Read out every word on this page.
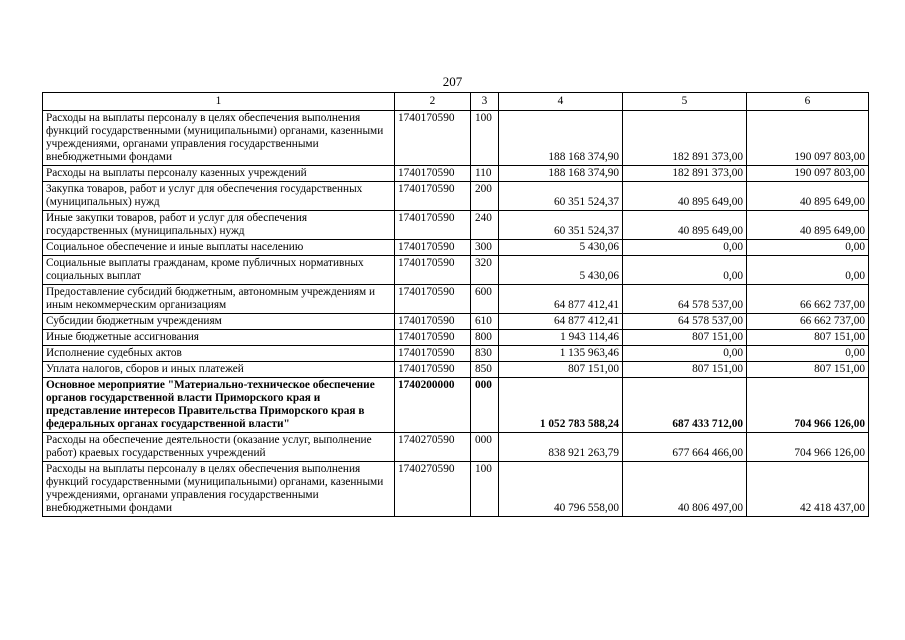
207
1	2	3	4	5	6
Расходы на выплаты персоналу в целях обеспечения выполнения функций государственными (муниципальными) органами, казенными учреждениями, органами управления государственными внебюджетными фондами	1740170590	100	188 168 374,90	182 891 373,00	190 097 803,00
Расходы на выплаты персоналу казенных учреждений	1740170590	110	188 168 374,90	182 891 373,00	190 097 803,00
Закупка товаров, работ и услуг для обеспечения государственных (муниципальных) нужд	1740170590	200	60 351 524,37	40 895 649,00	40 895 649,00
Иные закупки товаров, работ и услуг для обеспечения государственных (муниципальных) нужд	1740170590	240	60 351 524,37	40 895 649,00	40 895 649,00
Социальное обеспечение и иные выплаты населению	1740170590	300	5 430,06	0,00	0,00
Социальные выплаты гражданам, кроме публичных нормативных социальных выплат	1740170590	320	5 430,06	0,00	0,00
Предоставление субсидий бюджетным, автономным учреждениям и иным некоммерческим организациям	1740170590	600	64 877 412,41	64 578 537,00	66 662 737,00
Субсидии бюджетным учреждениям	1740170590	610	64 877 412,41	64 578 537,00	66 662 737,00
Иные бюджетные ассигнования	1740170590	800	1 943 114,46	807 151,00	807 151,00
Исполнение судебных актов	1740170590	830	1 135 963,46	0,00	0,00
Уплата налогов, сборов и иных платежей	1740170590	850	807 151,00	807 151,00	807 151,00
Основное мероприятие "Материально-техническое обеспечение органов государственной власти Приморского края и представление интересов Правительства Приморского края в федеральных органах государственной власти"	1740200000	000	1 052 783 588,24	687 433 712,00	704 966 126,00
Расходы на обеспечение деятельности (оказание услуг, выполнение работ) краевых государственных учреждений	1740270590	000	838 921 263,79	677 664 466,00	704 966 126,00
Расходы на выплаты персоналу в целях обеспечения выполнения функций государственными (муниципальными) органами, казенными учреждениями, органами управления государственными внебюджетными фондами	1740270590	100	40 796 558,00	40 806 497,00	42 418 437,00
